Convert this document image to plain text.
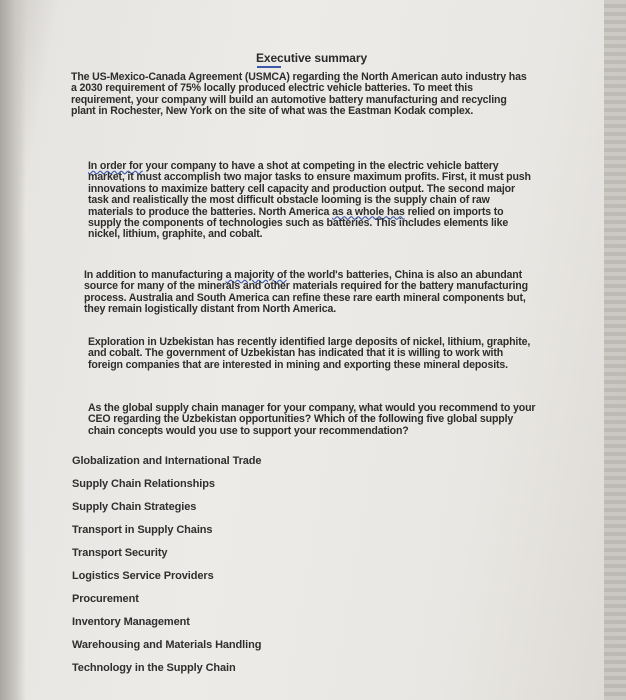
Executive summary

The US-Mexico-Canada Agreement (USMCA) regarding the North American auto industry has a 2030 requirement of 75% locally produced electric vehicle batteries. To meet this requirement, your company will build an automotive battery manufacturing and recycling plant in Rochester, New York on the site of what was the Eastman Kodak complex.

In order for your company to have a shot at competing in the electric vehicle battery market, it must accomplish two major tasks to ensure maximum profits. First, it must push innovations to maximize battery cell capacity and production output. The second major task and realistically the most difficult obstacle looming is the supply chain of raw materials to produce the batteries. North America as a whole has relied on imports to supply the components of technologies such as batteries. This includes elements like nickel, lithium, graphite, and cobalt.

In addition to manufacturing a majority of the world's batteries, China is also an abundant source for many of the minerals and other materials required for the battery manufacturing process. Australia and South America can refine these rare earth mineral components but, they remain logistically distant from North America.

Exploration in Uzbekistan has recently identified large deposits of nickel, lithium, graphite, and cobalt. The government of Uzbekistan has indicated that it is willing to work with foreign companies that are interested in mining and exporting these mineral deposits.

As the global supply chain manager for your company, what would you recommend to your CEO regarding the Uzbekistan opportunities? Which of the following five global supply chain concepts would you use to support your recommendation?

Globalization and International Trade
Supply Chain Relationships
Supply Chain Strategies
Transport in Supply Chains
Transport Security
Logistics Service Providers
Procurement
Inventory Management
Warehousing and Materials Handling
Technology in the Supply Chain
